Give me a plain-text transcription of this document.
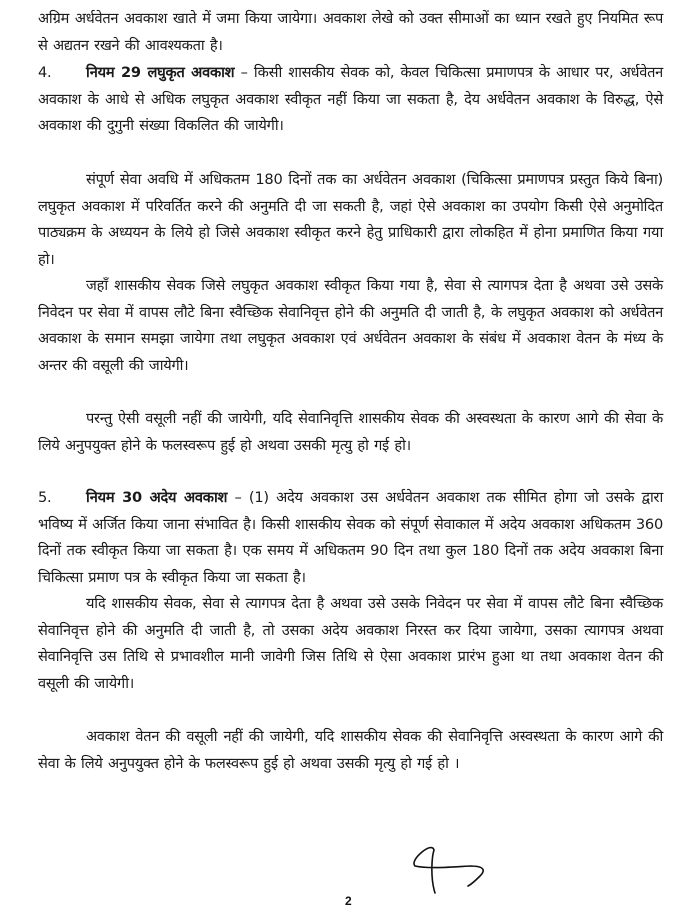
अग्रिम अर्धवेतन अवकाश खाते में जमा किया जायेगा। अवकाश लेखे को उक्त सीमाओं का ध्यान रखते हुए नियमित रूप से अद्यतन रखने की आवश्यकता है।

4. नियम 29 लघुकृत अवकाश – किसी शासकीय सेवक को, केवल चिकित्सा प्रमाणपत्र के आधार पर, अर्धवेतन अवकाश के आधे से अधिक लघुकृत अवकाश स्वीकृत नहीं किया जा सकता है, देय अर्धवेतन अवकाश के विरुद्ध, ऐसे अवकाश की दुगुनी संख्या विकलित की जायेगी।

संपूर्ण सेवा अवधि में अधिकतम 180 दिनों तक का अर्धवेतन अवकाश (चिकित्सा प्रमाणपत्र प्रस्तुत किये बिना) लघुकृत अवकाश में परिवर्तित करने की अनुमति दी जा सकती है, जहां ऐसे अवकाश का उपयोग किसी ऐसे अनुमोदित पाठ्यक्रम के अध्ययन के लिये हो जिसे अवकाश स्वीकृत करने हेतु प्राधिकारी द्वारा लोकहित में होना प्रमाणित किया गया हो।

जहॉं शासकीय सेवक जिसे लघुकृत अवकाश स्वीकृत किया गया है, सेवा से त्यागपत्र देता है अथवा उसे उसके निवेदन पर सेवा में वापस लौटे बिना स्वैच्छिक सेवानिवृत्त होने की अनुमति दी जाती है, के लघुकृत अवकाश को अर्धवेतन अवकाश के समान समझा जायेगा तथा लघुकृत अवकाश एवं अर्धवेतन अवकाश के संबंध में अवकाश वेतन के मंध्य के अन्तर की वसूली की जायेगी।

परन्तु ऐसी वसूली नहीं की जायेगी, यदि सेवानिवृत्ति शासकीय सेवक की अस्वस्थता के कारण आगे की सेवा के लिये अनुपयुक्त होने के फलस्वरूप हुई हो अथवा उसकी मृत्यु हो गई हो।

5. नियम 30 अदेय अवकाश – (1) अदेय अवकाश उस अर्धवेतन अवकाश तक सीमित होगा जो उसके द्वारा भविष्य में अर्जित किया जाना संभावित है। किसी शासकीय सेवक को संपूर्ण सेवाकाल में अदेय अवकाश अधिकतम 360 दिनों तक स्वीकृत किया जा सकता है। एक समय में अधिकतम 90 दिन तथा कुल 180 दिनों तक अदेय अवकाश बिना चिकित्सा प्रमाण पत्र के स्वीकृत किया जा सकता है।

यदि शासकीय सेवक, सेवा से त्यागपत्र देता है अथवा उसे उसके निवेदन पर सेवा में वापस लौटे बिना स्वैच्छिक सेवानिवृत्त होने की अनुमति दी जाती है, तो उसका अदेय अवकाश निरस्त कर दिया जायेगा, उसका त्यागपत्र अथवा सेवानिवृत्ति उस तिथि से प्रभावशील मानी जावेगी जिस तिथि से ऐसा अवकाश प्रारंभ हुआ था तथा अवकाश वेतन की वसूली की जायेगी।

अवकाश वेतन की वसूली नहीं की जायेगी, यदि शासकीय सेवक की सेवानिवृत्ति अस्वस्थता के कारण आगे की सेवा के लिये अनुपयुक्त होने के फलस्वरूप हुई हो अथवा उसकी मृत्यु हो गई हो ।

2
